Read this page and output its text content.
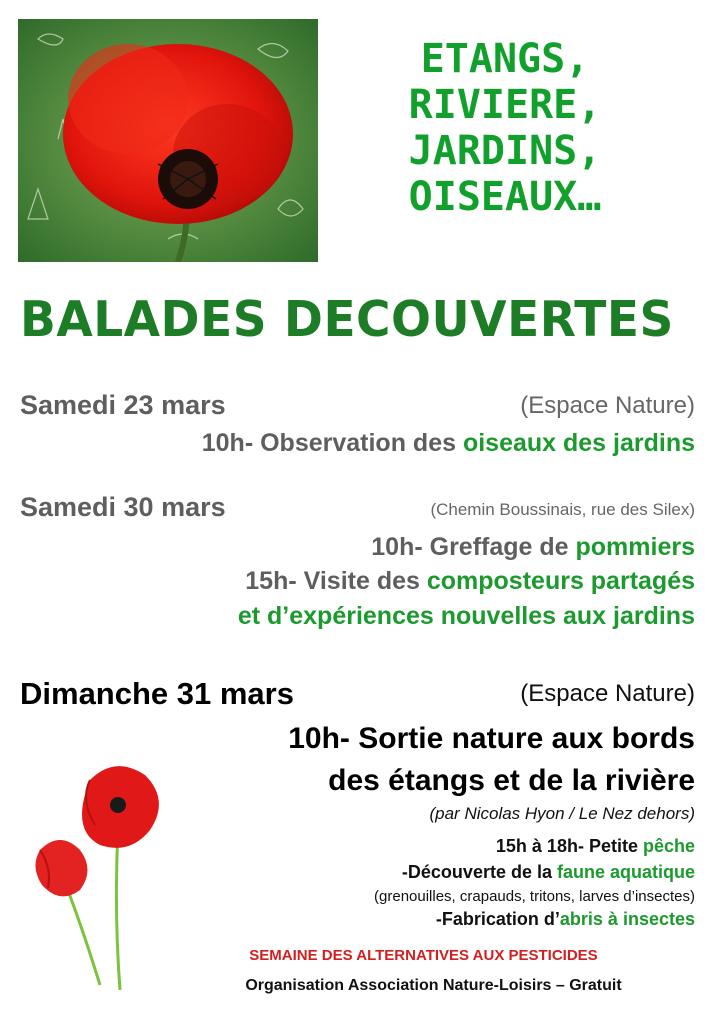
ETANGS,
RIVIERE,
JARDINS,
OISEAUX…
BALADES DECOUVERTES
Samedi 23 mars	(Espace Nature)
10h- Observation des oiseaux des jardins
Samedi 30 mars	(Chemin Boussinais, rue des Silex)
10h- Greffage de pommiers
15h- Visite des composteurs partagés
et d’expériences nouvelles aux jardins
Dimanche 31 mars	(Espace Nature)
10h- Sortie nature aux bords
des étangs et de la rivière
(par Nicolas Hyon / Le Nez dehors)
15h à 18h- Petite pêche
-Découverte de la faune aquatique
(grenouilles, crapauds, tritons, larves d’insectes)
-Fabrication d’abris à insectes
SEMAINE DES ALTERNATIVES AUX PESTICIDES
Organisation Association Nature-Loisirs – Gratuit
